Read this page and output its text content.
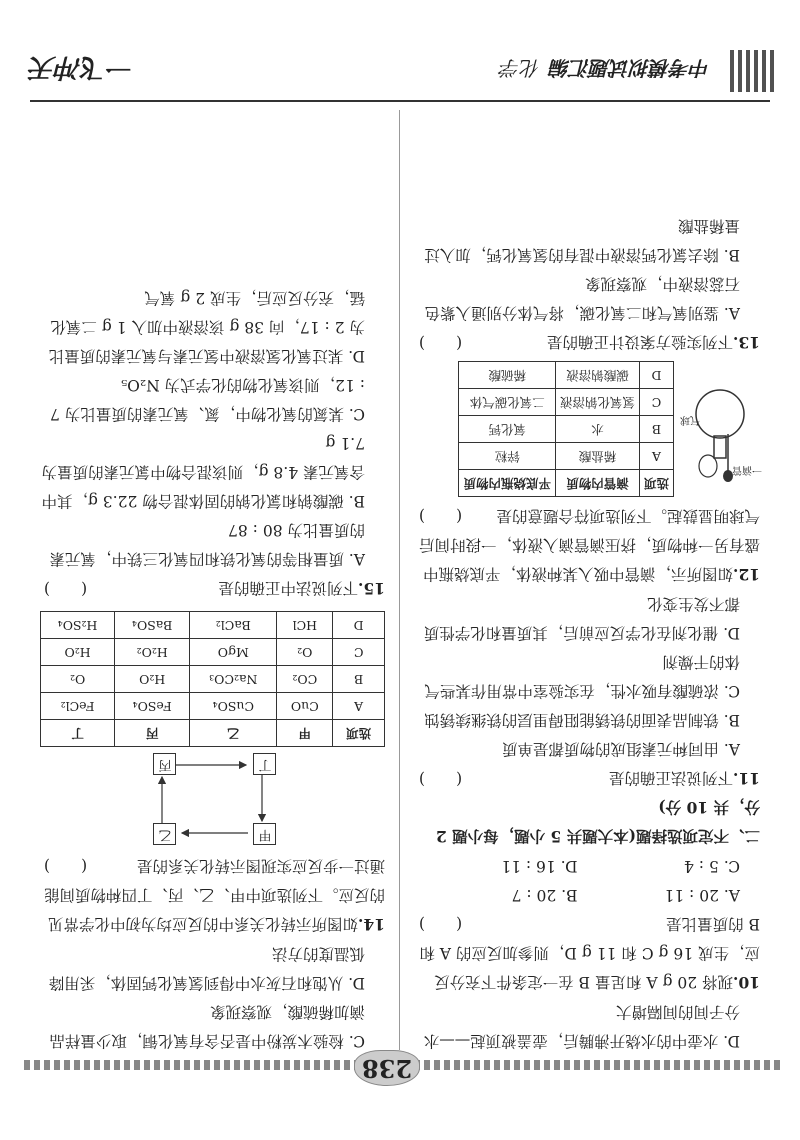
中考模拟试题汇编
化学
一飞冲天
238

D. 水壶中的水烧开沸腾后，壶盖被顶起——水分子间的间隔增大

10.现将 20 g A 和足量 B 在一定条件下充分反应，生成 16 g C 和 11 g D，则参加反应的 A 和 B 的质量比是
(　　)

A. 20 : 11
B. 20 : 7
C. 5 : 4
D. 16 : 11

二、不定项选择题(本大题共 5 小题，每小题 2 分，共 10 分)

11.下列说法正确的是
(　　)

A. 由同种元素组成的物质都是单质

B. 铁制品表面的铁锈能阻碍里层的铁继续锈蚀

C. 浓硫酸有吸水性，在实验室中常用作某些气体的干燥剂

D. 催化剂在化学反应前后，其质量和化学性质都不发生变化

12.如图所示，滴管中吸入某种液体，平底烧瓶中盛有另一种物质，挤压滴管滴入液体，一段时间后气球明显鼓起。下列选项符合题意的是
(　　)

一滴管
气球
选项	滴管内物质	平底烧瓶内物质
A	稀盐酸	锌粒
B	水	氧化钙
C	氢氧化钠溶液	二氧化碳气体
D	碳酸钠溶液	稀硫酸

13.下列实验方案设计正确的是
(　　)

A. 鉴别氧气和二氧化碳，将气体分别通入紫色石蕊溶液中，观察现象

B. 除去氯化钙溶液中混有的氢氧化钙，加入过量稀盐酸

C. 检验木炭粉中是否含有氧化铜，取少量样品滴加稀硫酸，观察现象

D. 从饱和石灰水中得到氢氧化钙固体，采用降低温度的方法

14.如图所示转化关系中的反应均为初中化学常见的反应。下列选项中甲、乙、丙、丁四种物质间能通过一步反应实现图示转化关系的是
(　　)

甲
乙
丙	丁
选项	甲	乙	丙	丁
A	CuO	CuSO₄	FeSO₄	FeCl₂
B	CO₂	Na₂CO₃	H₂O	O₂
C	O₂	MgO	H₂O₂	H₂O
D	HCl	BaCl₂	BaSO₄	H₂SO₄

15.下列说法中正确的是
(　　)

A. 质量相等的氧化铁和四氧化三铁中，氧元素的质量比为 80 : 87

B. 碳酸钠和氯化钠的固体混合物 22.3 g，其中含氧元素 4.8 g，则该混合物中氯元素的质量为 7.1 g

C. 某氮的氧化物中，氮、氧元素的质量比为 7 : 12，则该氧化物的化学式为 N₂O₅

D. 某过氧化氢溶液中氢元素与氧元素的质量比为 2 : 17，向 38 g 该溶液中加入 1 g 二氧化锰，充分反应后，生成 2 g 氧气
